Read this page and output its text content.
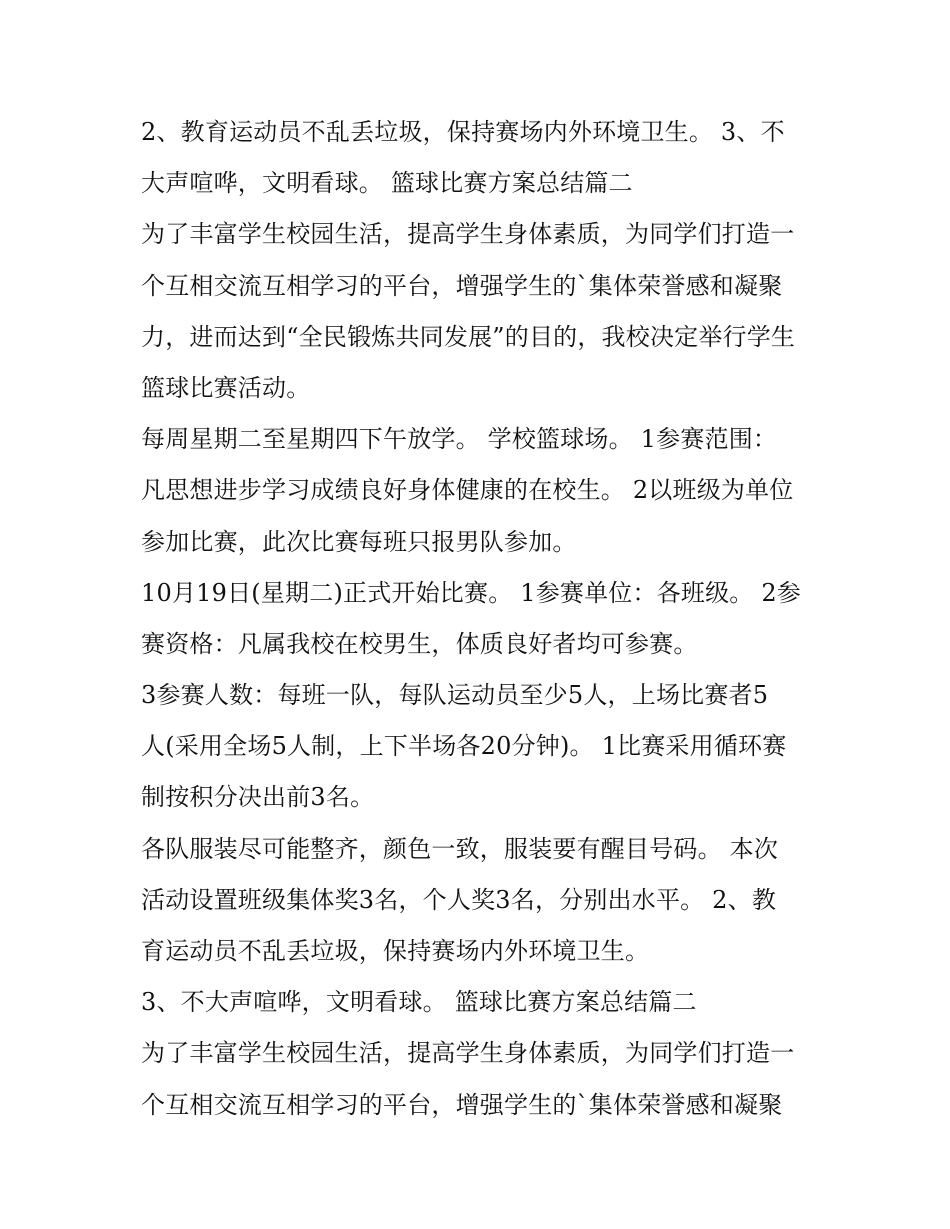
2、教育运动员不乱丢垃圾，保持赛场内外环境卫生。 3、不
大声喧哗，文明看球。 篮球比赛方案总结篇二
为了丰富学生校园生活，提高学生身体素质，为同学们打造一
个互相交流互相学习的平台，增强学生的`集体荣誉感和凝聚
力，进而达到“全民锻炼共同发展”的目的，我校决定举行学生
篮球比赛活动。
每周星期二至星期四下午放学。 学校篮球场。 1参赛范围：
凡思想进步学习成绩良好身体健康的在校生。 2以班级为单位
参加比赛，此次比赛每班只报男队参加。
10月19日(星期二)正式开始比赛。 1参赛单位：各班级。 2参
赛资格：凡属我校在校男生，体质良好者均可参赛。
3参赛人数：每班一队，每队运动员至少5人，上场比赛者5
人(采用全场5人制，上下半场各20分钟)。 1比赛采用循环赛
制按积分决出前3名。
各队服装尽可能整齐，颜色一致，服装要有醒目号码。 本次
活动设置班级集体奖3名，个人奖3名，分别出水平。 2、教
育运动员不乱丢垃圾，保持赛场内外环境卫生。
3、不大声喧哗，文明看球。 篮球比赛方案总结篇二
为了丰富学生校园生活，提高学生身体素质，为同学们打造一
个互相交流互相学习的平台，增强学生的`集体荣誉感和凝聚
